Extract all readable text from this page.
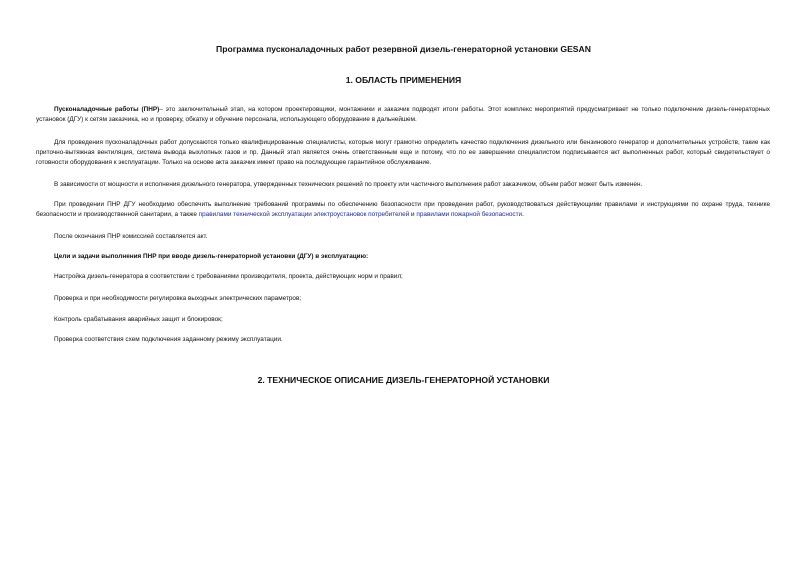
Программа пусконаладочных работ резервной дизель-генераторной установки GESAN
1. ОБЛАСТЬ ПРИМЕНЕНИЯ

Пусконаладочные работы (ПНР)– это заключительный этап, на котором проектировщики, монтажники и заказчик подводят итоги работы. Этот комплекс мероприятий предусматривает не только подключение дизель-генераторных установок (ДГУ) к сетям заказчика, но и проверку, обкатку и обучение персонала, использующего оборудование в дальнейшем.

Для проведения пусконаладочных работ допускаются только квалифицированные специалисты, которые могут грамотно определить качество подключения дизельного или бензинового генератор и дополнительных устройств, такие как приточно-вытяжная вентиляция, система вывода выхлопных газов и пр. Данный этап является очень ответственным еще и потому, что по ее завершении специалистом подписывается акт выполненных работ, который свидетельствует о готовности оборудования к эксплуатации. Только на основе акта заказчик имеет право на последующее гарантийное обслуживание.

В зависимости от мощности и исполнения дизельного генератора, утвержденных технических решений по проекту или частичного выполнения работ заказчиком, объем работ может быть изменен.

При проведении ПНР ДГУ необходимо обеспечить выполнение требований программы по обеспечению безопасности при проведении работ, руководствоваться действующими правилами и инструкциями по охране труда, технике безопасности и производственной санитарии, а также правилами технической эксплуатации электроустановок потребителей и правилами пожарной безопасности.

После окончания ПНР комиссией составляется акт.

Цели и задачи выполнения ПНР при вводе дизель-генераторной установки (ДГУ) в эксплуатацию:

Настройка дизель-генератора в соответствии с требованиями производителя, проекта, действующих норм и правил;

Проверка и при необходимости регулировка выходных электрических параметров;

Контроль срабатывания аварийных защит и блокировок;

Проверка соответствия схем подключения заданному режиму эксплуатации.

2. ТЕХНИЧЕСКОЕ ОПИСАНИЕ ДИЗЕЛЬ-ГЕНЕРАТОРНОЙ УСТАНОВКИ
